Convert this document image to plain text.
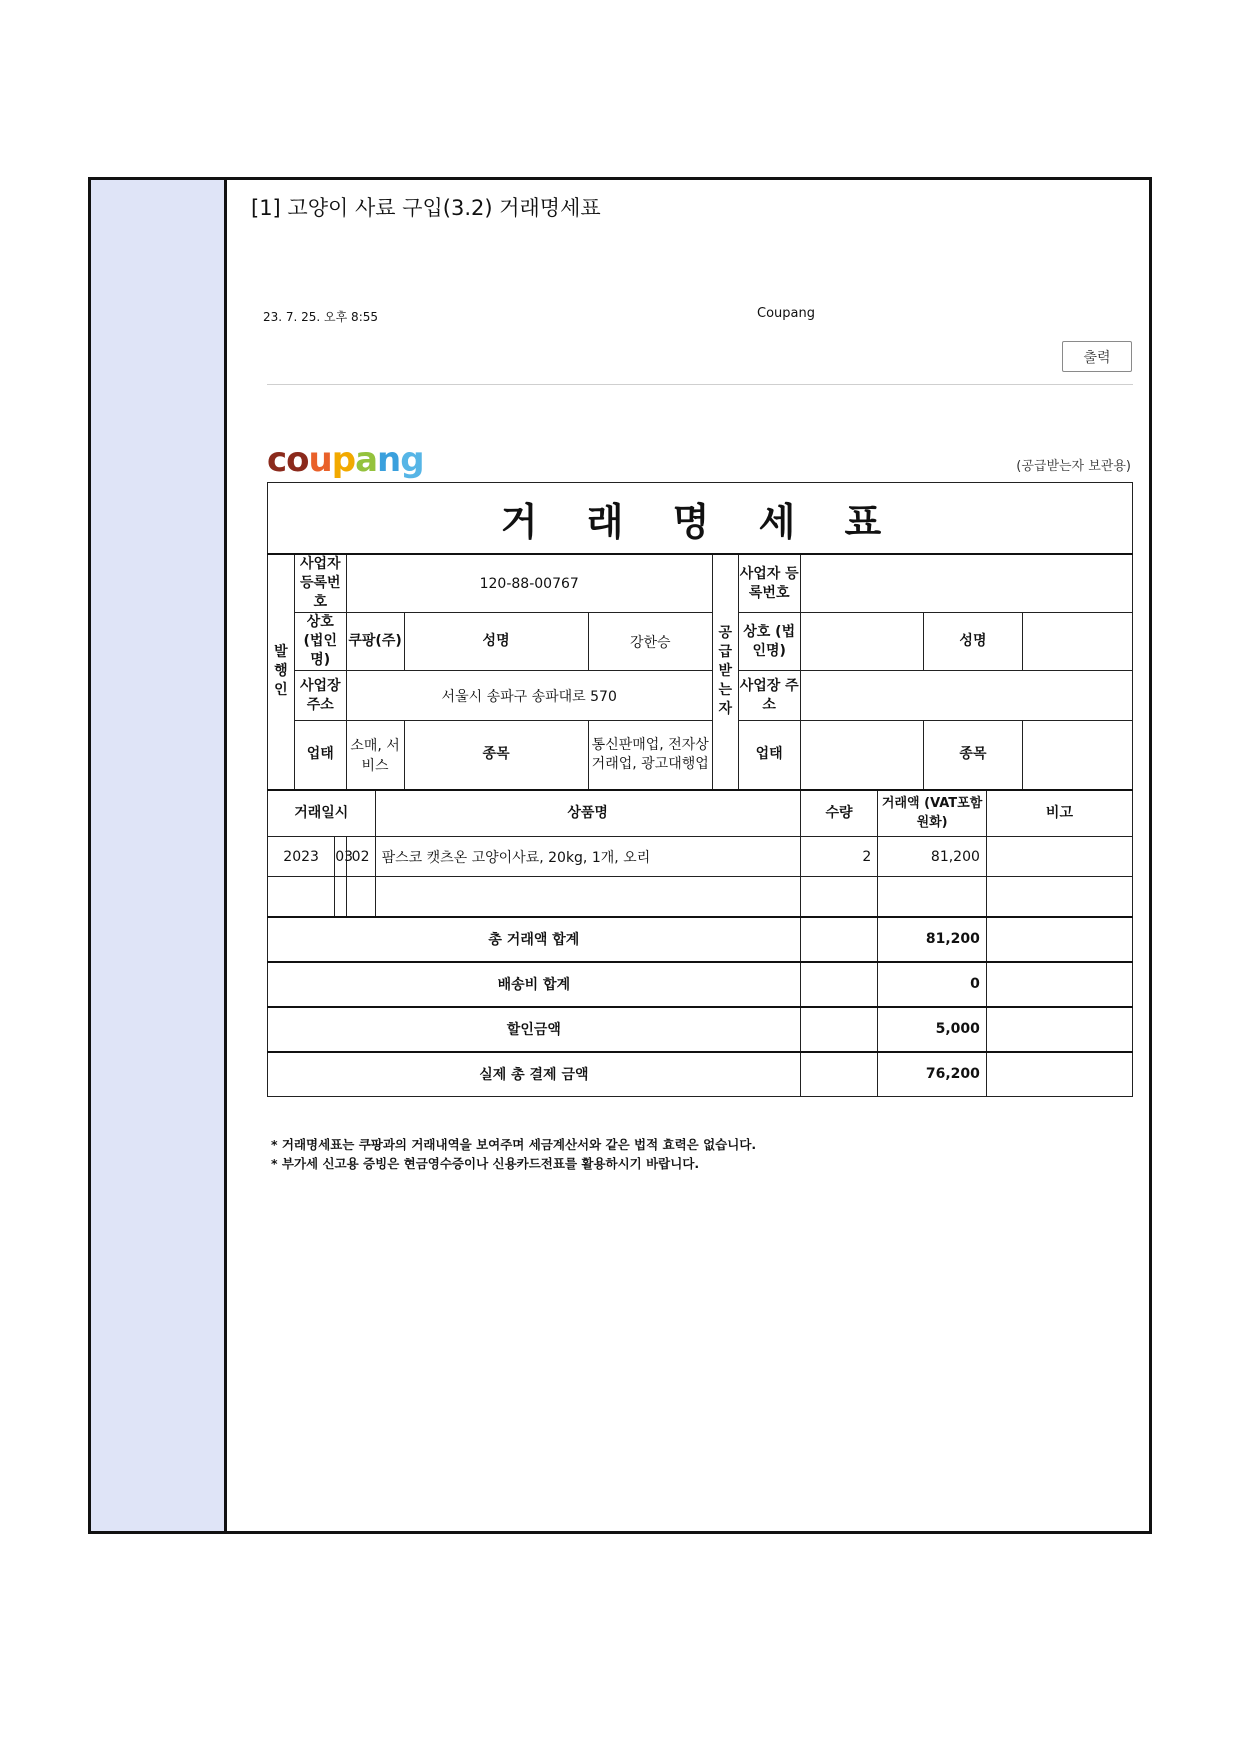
[1] 고양이 사료 구입(3.2) 거래명세표
23. 7. 25. 오후 8:55	Coupang
출력
coupang	(공급받는자 보관용)
거 래 명 세 표													
발행인	사업자 등록번호		120-88-00767				공급받는자	사업자 등록번호					
	상호 (법인명)		쿠팡(주)		성명	강한승		상호 (법인명)			성명		
	사업장 주소		서울시 송파구 송파대로 570					사업장 주소					
	업태		소매, 서비스		종목	통신판매업, 전자상거래업, 광고대행업		업태			종목		
거래일시				상품명					수량	거래액 (VAT포함 원화)		비고	
2023		03	02	팜스코 캣츠온 고양이사료, 20kg, 1개, 오리					2	81,200			

총 거래액 합계										81,200			
배송비 합계										0			
할인금액										5,000			
실제 총 결제 금액										76,200			
* 거래명세표는 쿠팡과의 거래내역을 보여주며 세금계산서와 같은 법적 효력은 없습니다.
* 부가세 신고용 증빙은 현금영수증이나 신용카드전표를 활용하시기 바랍니다.
